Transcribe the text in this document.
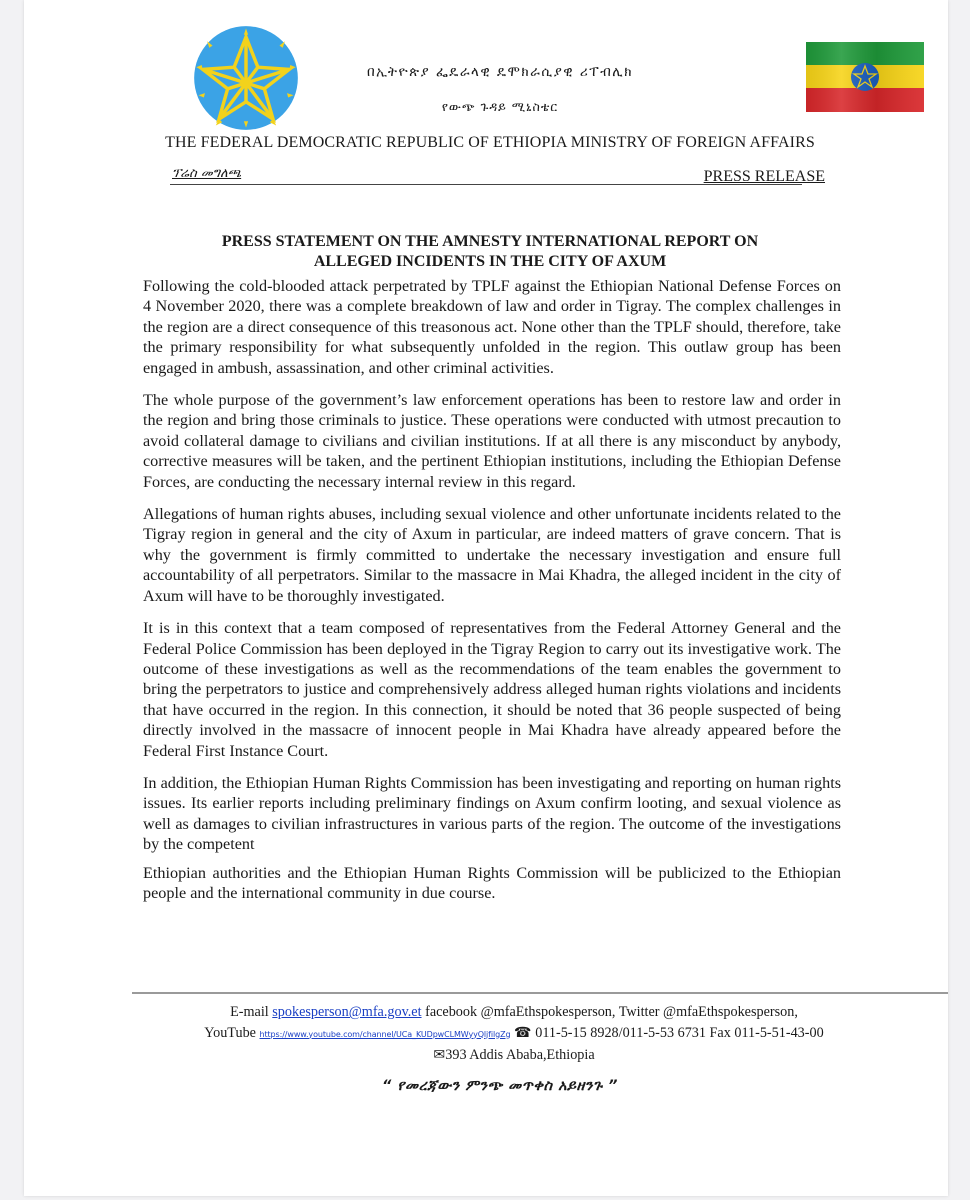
በኢትዮጵያ ፌዴራላዊ ዴሞክራሲያዊ ሪፐብሊክ
የውጭ ጉዳይ ሚኒስቴር
THE FEDERAL DEMOCRATIC REPUBLIC OF ETHIOPIA MINISTRY OF FOREIGN AFFAIRS
ፕሬስ መግለጫ	PRESS RELEASE
PRESS STATEMENT ON THE AMNESTY INTERNATIONAL REPORT ON
ALLEGED INCIDENTS IN THE CITY OF AXUM

Following the cold-blooded attack perpetrated by TPLF against the Ethiopian National Defense Forces on 4 November 2020, there was a complete breakdown of law and order in Tigray. The complex challenges in the region are a direct consequence of this treasonous act. None other than the TPLF should, therefore, take the primary responsibility for what subsequently unfolded in the region. This outlaw group has been engaged in ambush, assassination, and other criminal activities.

The whole purpose of the government’s law enforcement operations has been to restore law and order in the region and bring those criminals to justice. These operations were conducted with utmost precaution to avoid collateral damage to civilians and civilian institutions. If at all there is any misconduct by anybody, corrective measures will be taken, and the pertinent Ethiopian institutions, including the Ethiopian Defense Forces, are conducting the necessary internal review in this regard.

Allegations of human rights abuses, including sexual violence and other unfortunate incidents related to the Tigray region in general and the city of Axum in particular, are indeed matters of grave concern. That is why the government is firmly committed to undertake the necessary investigation and ensure full accountability of all perpetrators. Similar to the massacre in Mai Khadra, the alleged incident in the city of Axum will have to be thoroughly investigated.

It is in this context that a team composed of representatives from the Federal Attorney General and the Federal Police Commission has been deployed in the Tigray Region to carry out its investigative work. The outcome of these investigations as well as the recommendations of the team enables the government to bring the perpetrators to justice and comprehensively address alleged human rights violations and incidents that have occurred in the region. In this connection, it should be noted that 36 people suspected of being directly involved in the massacre of innocent people in Mai Khadra have already appeared before the Federal First Instance Court.

In addition, the Ethiopian Human Rights Commission has been investigating and reporting on human rights issues. Its earlier reports including preliminary findings on Axum confirm looting, and sexual violence as well as damages to civilian infrastructures in various parts of the region. The outcome of the investigations by the competent

Ethiopian authorities and the Ethiopian Human Rights Commission will be publicized to the Ethiopian people and the international community in due course.

E-mail spokesperson@mfa.gov.et facebook @mfaEthspokesperson, Twitter @mfaEthspokesperson,
YouTube https://www.youtube.com/channel/UCa_KUDpwCLMWyyQljfilgZg ☎ 011-5-15 8928/011-5-53 6731 Fax 011-5-51-43-00
✉393 Addis Ababa,Ethiopia
“ የመረጃውን ምንጭ መጥቀስ አይዘንጉ ”
